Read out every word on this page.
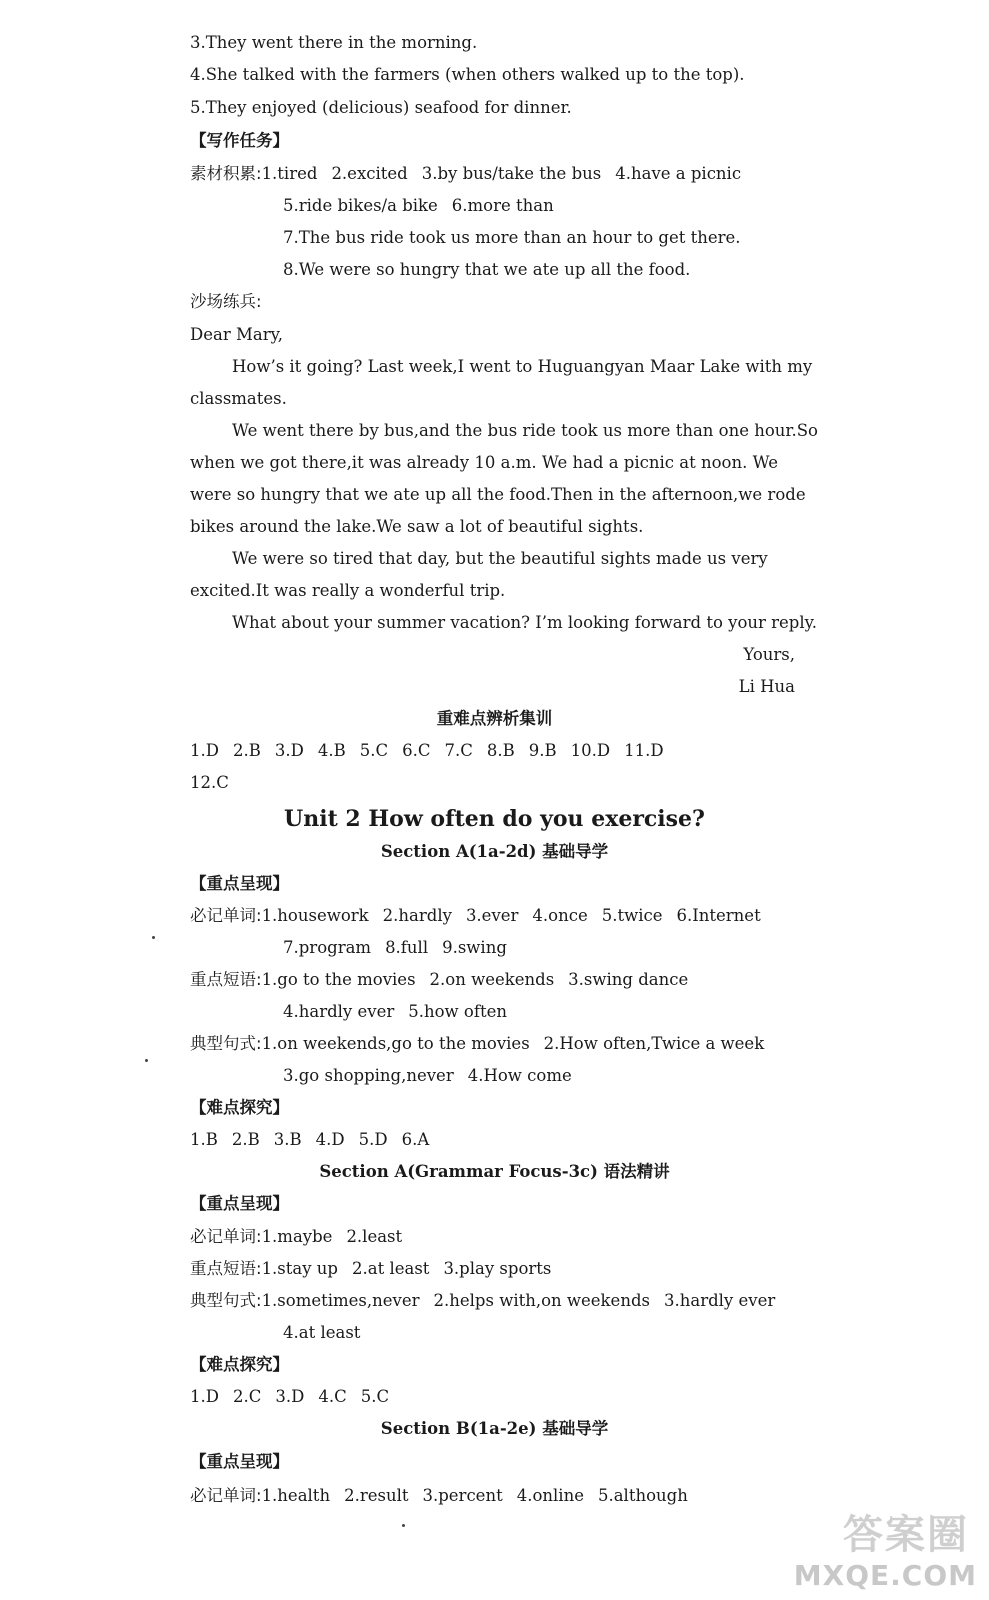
3.They went there in the morning.
4.She talked with the farmers (when others walked up to the top).
5.They enjoyed (delicious) seafood for dinner.
【写作任务】
素材积累:1.tired 2.excited 3.by bus/take the bus 4.have a picnic
5.ride bikes/a bike 6.more than
7.The bus ride took us more than an hour to get there.
8.We were so hungry that we ate up all the food.
沙场练兵:
Dear Mary,
How’s it going? Last week,I went to Huguangyan Maar Lake with my
classmates.
We went there by bus,and the bus ride took us more than one hour.So
when we got there,it was already 10 a.m. We had a picnic at noon. We
were so hungry that we ate up all the food.Then in the afternoon,we rode
bikes around the lake.We saw a lot of beautiful sights.
We were so tired that day, but the beautiful sights made us very
excited.It was really a wonderful trip.
What about your summer vacation? I’m looking forward to your reply.
Yours,
Li Hua
重难点辨析集训
1.D 2.B 3.D 4.B 5.C 6.C 7.C 8.B 9.B 10.D 11.D
12.C
Unit 2 How often do you exercise?
Section A(1a-2d) 基础导学
【重点呈现】
必记单词:1.housework 2.hardly 3.ever 4.once 5.twice 6.Internet
7.program 8.full 9.swing
重点短语:1.go to the movies 2.on weekends 3.swing dance
4.hardly ever 5.how often
典型句式:1.on weekends,go to the movies 2.How often,Twice a week
3.go shopping,never 4.How come
【难点探究】
1.B 2.B 3.B 4.D 5.D 6.A
Section A(Grammar Focus-3c) 语法精讲
【重点呈现】
必记单词:1.maybe 2.least
重点短语:1.stay up 2.at least 3.play sports
典型句式:1.sometimes,never 2.helps with,on weekends 3.hardly ever
4.at least
【难点探究】
1.D 2.C 3.D 4.C 5.C
Section B(1a-2e) 基础导学
【重点呈现】
必记单词:1.health 2.result 3.percent 4.online 5.although
答案圈
MXQE.COM
